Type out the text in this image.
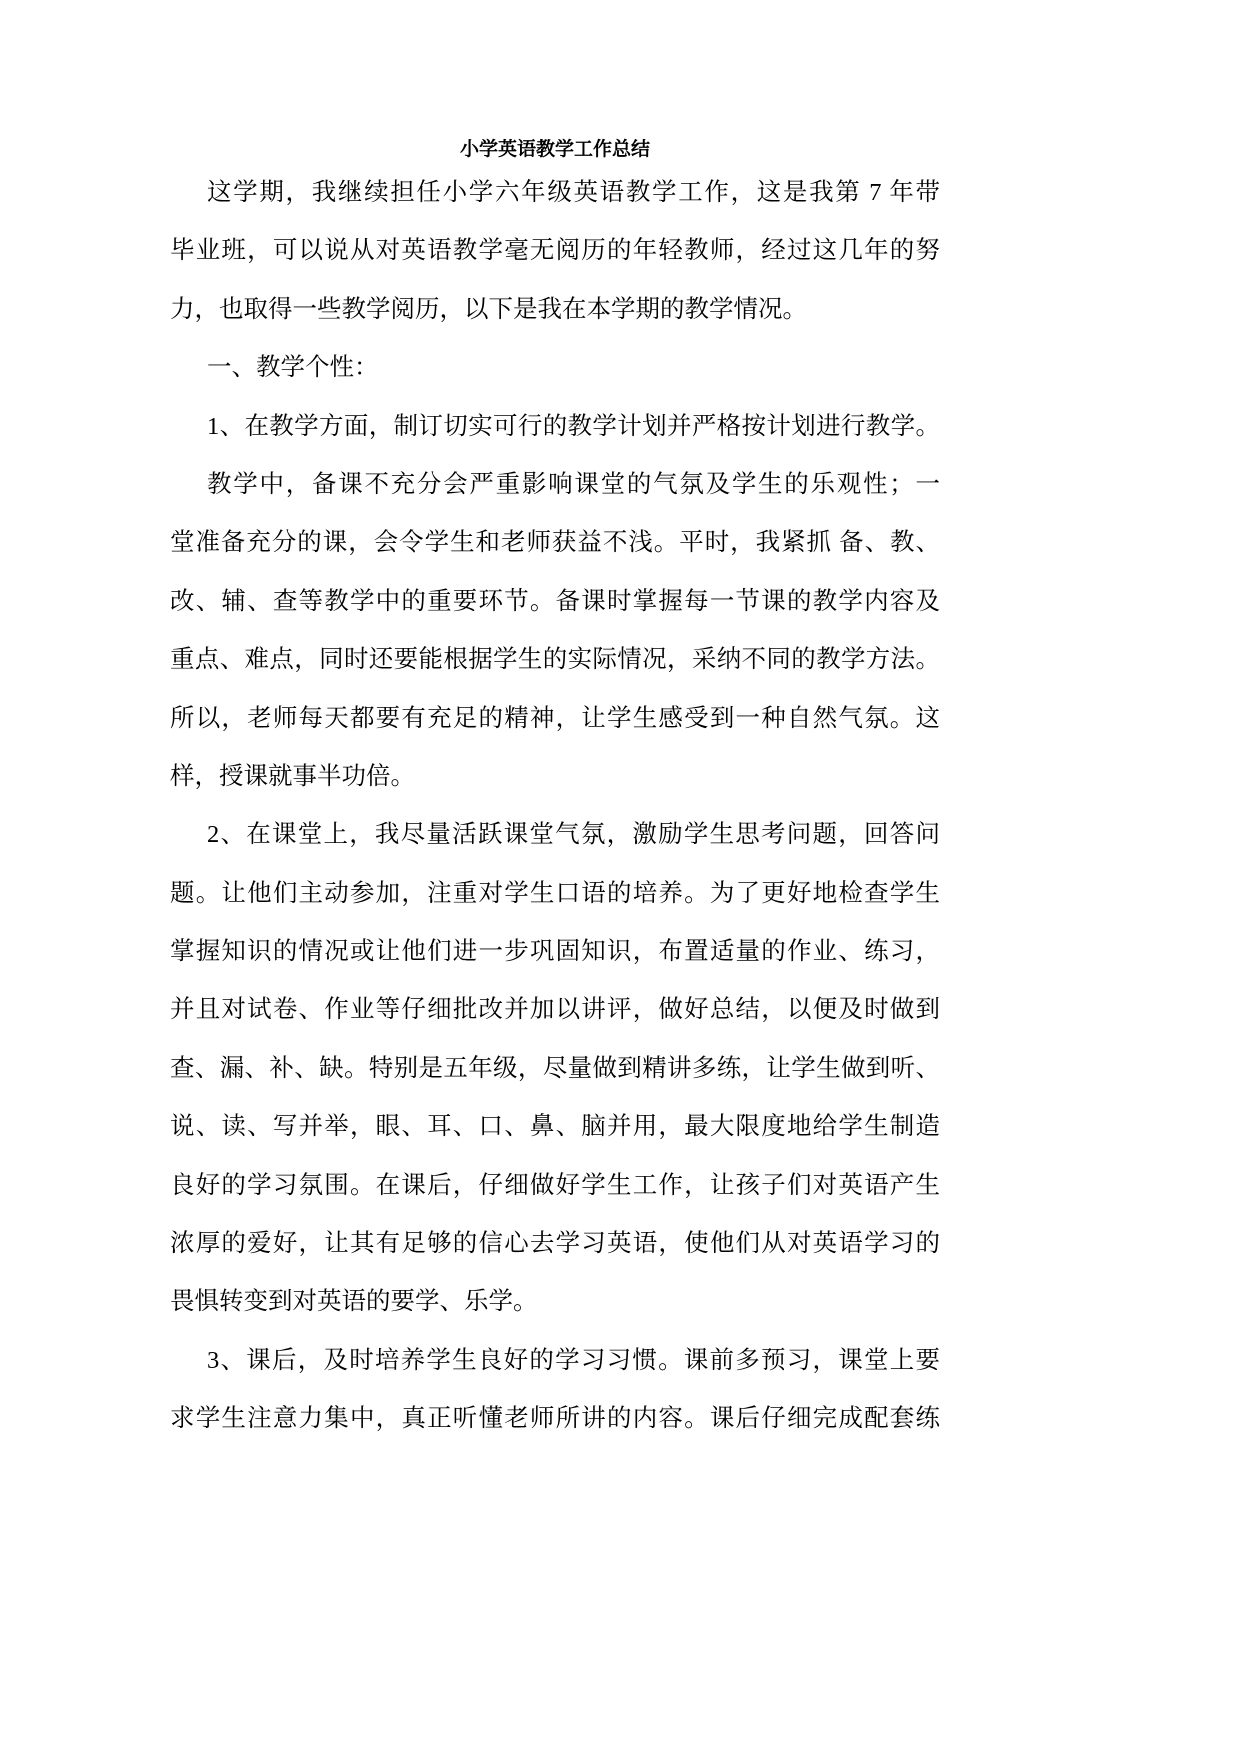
小学英语教学工作总结
这学期，我继续担任小学六年级英语教学工作，这是我第 7 年带
毕业班，可以说从对英语教学毫无阅历的年轻教师，经过这几年的努
力，也取得一些教学阅历，以下是我在本学期的教学情况。
一、教学个性：
1、在教学方面，制订切实可行的教学计划并严格按计划进行教学。
教学中，备课不充分会严重影响课堂的气氛及学生的乐观性；一
堂准备充分的课，会令学生和老师获益不浅。平时，我紧抓 备、教、
改、辅、查等教学中的重要环节。备课时掌握每一节课的教学内容及
重点、难点，同时还要能根据学生的实际情况，采纳不同的教学方法。
所以，老师每天都要有充足的精神，让学生感受到一种自然气氛。这
样，授课就事半功倍。
2、在课堂上，我尽量活跃课堂气氛，激励学生思考问题，回答问
题。让他们主动参加，注重对学生口语的培养。为了更好地检查学生
掌握知识的情况或让他们进一步巩固知识，布置适量的作业、练习，
并且对试卷、作业等仔细批改并加以讲评，做好总结，以便及时做到
查、漏、补、缺。特别是五年级，尽量做到精讲多练，让学生做到听、
说、读、写并举，眼、耳、口、鼻、脑并用，最大限度地给学生制造
良好的学习氛围。在课后，仔细做好学生工作，让孩子们对英语产生
浓厚的爱好，让其有足够的信心去学习英语，使他们从对英语学习的
畏惧转变到对英语的要学、乐学。
3、课后，及时培养学生良好的学习习惯。课前多预习，课堂上要
求学生注意力集中，真正听懂老师所讲的内容。课后仔细完成配套练
